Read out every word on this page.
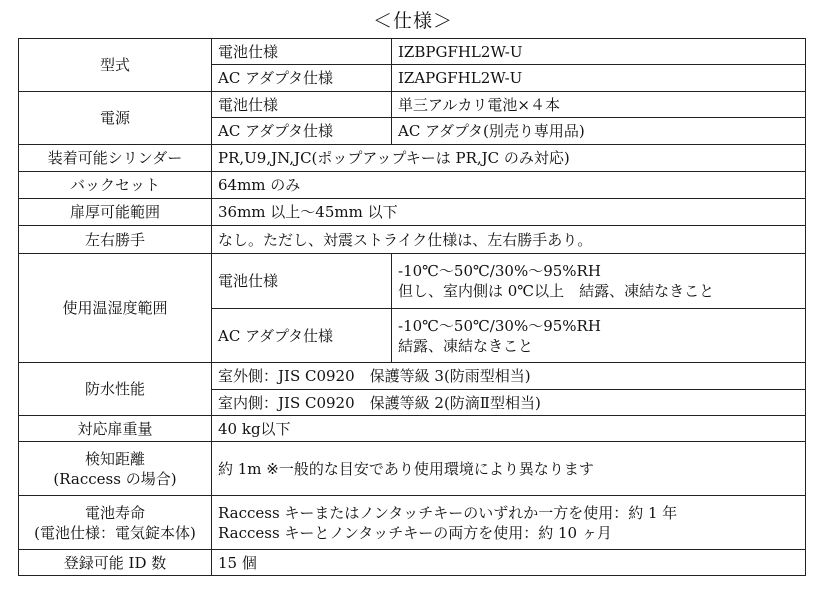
＜仕様＞
型式	電池仕様	IZBPGFHL2W-U
	AC アダプタ仕様	IZAPGFHL2W-U
電源	電池仕様	単三アルカリ電池×４本
	AC アダプタ仕様	AC アダプタ(別売り専用品)
装着可能シリンダー	PR,U9,JN,JC(ポップアップキーは PR,JC のみ対応)	
バックセット	64mm のみ	
扉厚可能範囲	36mm 以上～45mm 以下	
左右勝手	なし。ただし、対震ストライク仕様は、左右勝手あり。	
使用温湿度範囲	電池仕様	-10℃～50℃/30%～95%RH
但し、室内側は 0℃以上　結露、凍結なきこと

	AC アダプタ仕様	-10℃～50℃/30%～95%RH
結露、凍結なきこと

防水性能	室外側：JIS C0920　保護等級 3(防雨型相当)	
	室内側：JIS C0920　保護等級 2(防滴Ⅱ型相当)	
対応扉重量	40 kg以下	

検知距離
(Raccess の場合)	約 1m ※一般的な目安であり使用環境により異なります	

電池寿命
(電池仕様：電気錠本体)	Raccess キーまたはノンタッチキーのいずれか一方を使用：約 1 年
Raccess キーとノンタッチキーの両方を使用：約 10 ヶ月	

登録可能 ID 数	15 個	
